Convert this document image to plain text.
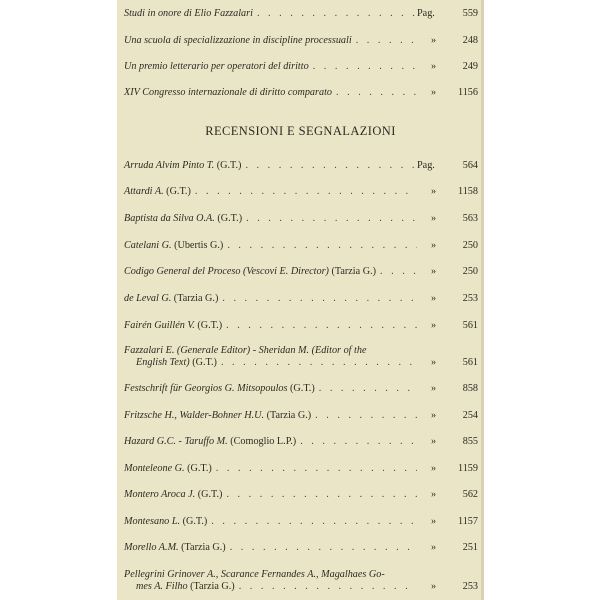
Studi in onore di Elio Fazzalari . . .	Pag.	559
Una scuola di specializzazione in discipline processuali . . .	»	248
Un premio letterario per operatori del diritto . . .	»	249
XIV Congresso internazionale di diritto comparato . . .	»	1156
RECENSIONI E SEGNALAZIONI
Arruda Alvim Pinto T. (G.T.) . . .	Pag.	564
Attardi A. (G.T.) . . .	»	1158
Baptista da Silva O.A. (G.T.) . . .	»	563
Catelani G. (Ubertis G.) . . .	»	250
Codigo General del Proceso (Vescovi E. Director) (Tarzia G.) . . .	»	250
de Leval G. (Tarzia G.) . . .	»	253
Fairén Guillén V. (G.T.) . . .	»	561
Fazzalari E. (Generale Editor) - Sheridan M. (Editor of the
English Text) (G.T.) . . .	»	561
Festschrift für Georgios G. Mitsopoulos (G.T.) . . .	»	858
Fritzsche H., Walder-Bohner H.U. (Tarzia G.) . . .	»	254
Hazard G.C. - Taruffo M. (Comoglio L.P.) . . .	»	855
Monteleone G. (G.T.) . . .	»	1159
Montero Aroca J. (G.T.) . . .	»	562
Montesano L. (G.T.) . . .	»	1157
Morello A.M. (Tarzia G.) . . .	»	251
Pellegrini Grinover A., Scarance Fernandes A., Magalhaes Go-
mes A. Filho (Tarzia G.) . . .	»	253
